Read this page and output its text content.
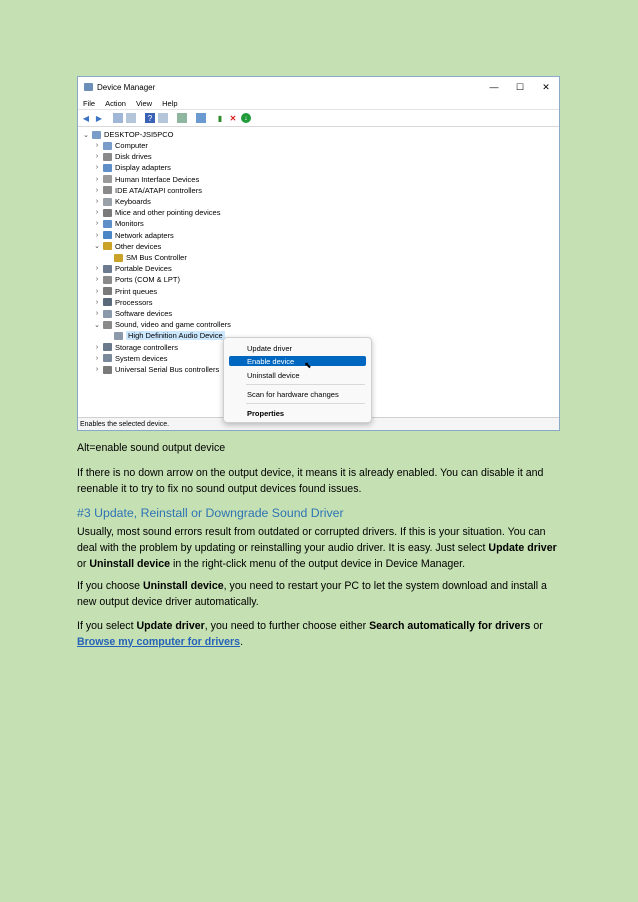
Device Manager	—	☐	✕
File Action View Help
◀ ▶	?	▮ ✕	↓
⌄ DESKTOP-JSI5PCO
›	Computer
›	Disk drives
›	Display adapters
›	Human Interface Devices
›	IDE ATA/ATAPI controllers
›	Keyboards
›	Mice and other pointing devices
›	Monitors
›	Network adapters
⌄ Other devices
SM Bus Controller
›	Portable Devices
›	Ports (COM & LPT)
›	Print queues
›	Processors
›	Software devices
⌄ Sound, video and game controllers
High Definition Audio Device
›	Storage controllers
›	System devices
›	Universal Serial Bus controllers
Enables the selected device.
Update driver
Enable device
Uninstall device
Scan for hardware changes
Properties
⬉
Alt=enable sound output device
If there is no down arrow on the output device, it means it is already enabled. You can disable it and reenable it to try to fix no sound output devices found issues.
#3 Update, Reinstall or Downgrade Sound Driver
Usually, most sound errors result from outdated or corrupted drivers. If this is your situation. You can deal with the problem by updating or reinstalling your audio driver. It is easy. Just select Update driver or Uninstall device in the right-click menu of the output device in Device Manager.
If you choose Uninstall device, you need to restart your PC to let the system download and install a new output device driver automatically.
If you select Update driver, you need to further choose either Search automatically for drivers or Browse my computer for drivers.
